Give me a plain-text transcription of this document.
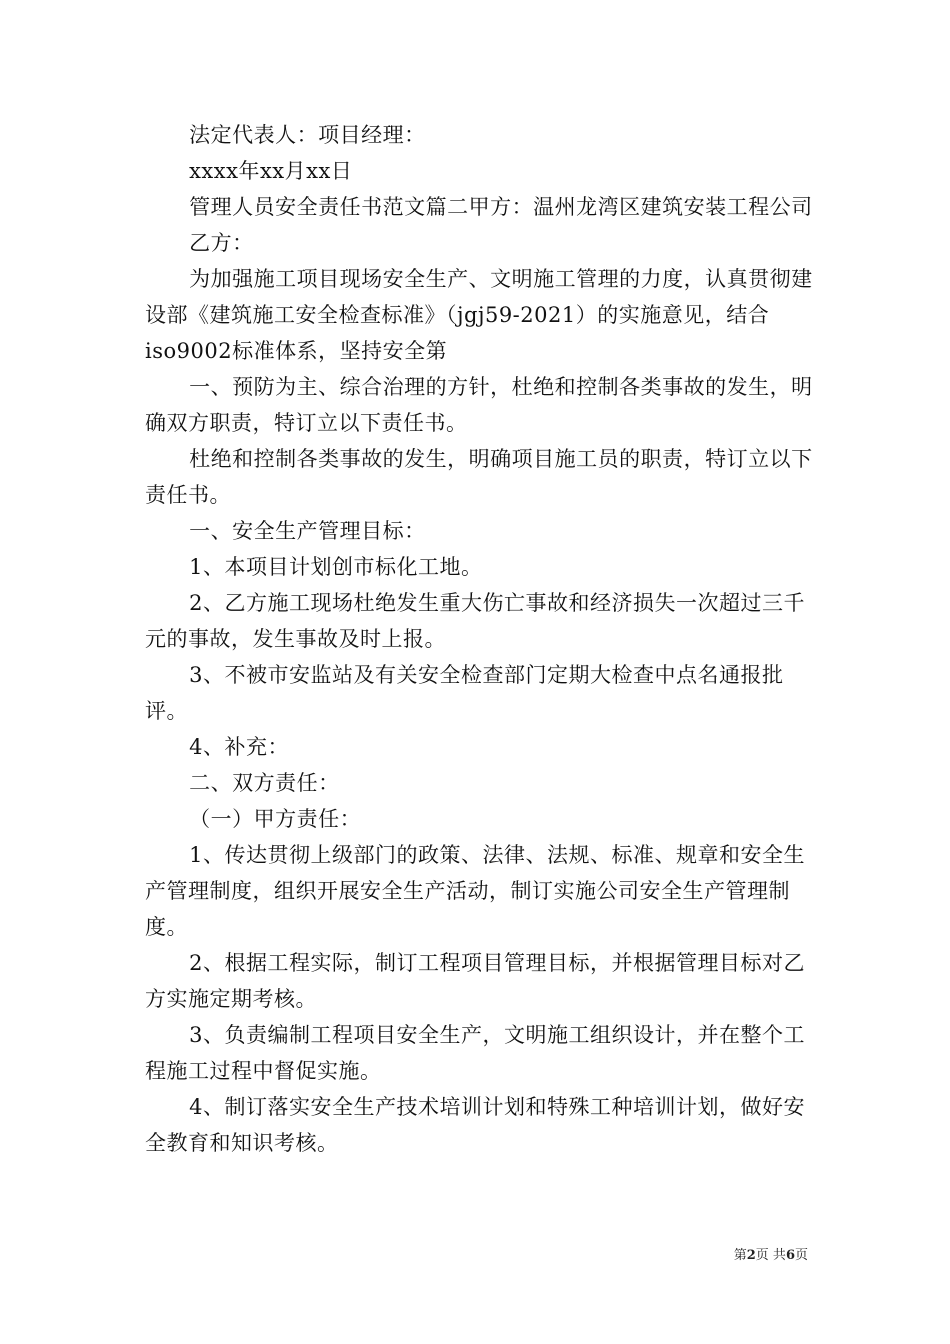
法定代表人：项目经理：

xxxx年xx月xx日

管理人员安全责任书范文篇二甲方：温州龙湾区建筑安装工程公司

乙方：

为加强施工项目现场安全生产、文明施工管理的力度，认真贯彻建设部《建筑施工安全检查标准》（jgj59-2021）的实施意见，结合iso9002标准体系，坚持安全第

一、预防为主、综合治理的方针，杜绝和控制各类事故的发生，明确双方职责，特订立以下责任书。

杜绝和控制各类事故的发生，明确项目施工员的职责，特订立以下责任书。

一、安全生产管理目标：

1、本项目计划创市标化工地。

2、乙方施工现场杜绝发生重大伤亡事故和经济损失一次超过三千元的事故，发生事故及时上报。

3、不被市安监站及有关安全检查部门定期大检查中点名通报批评。

4、补充：

二、双方责任：

（一）甲方责任：

1、传达贯彻上级部门的政策、法律、法规、标准、规章和安全生产管理制度，组织开展安全生产活动，制订实施公司安全生产管理制度。

2、根据工程实际，制订工程项目管理目标，并根据管理目标对乙方实施定期考核。

3、负责编制工程项目安全生产，文明施工组织设计，并在整个工程施工过程中督促实施。

4、制订落实安全生产技术培训计划和特殊工种培训计划，做好安全教育和知识考核。

第2页 共6页
